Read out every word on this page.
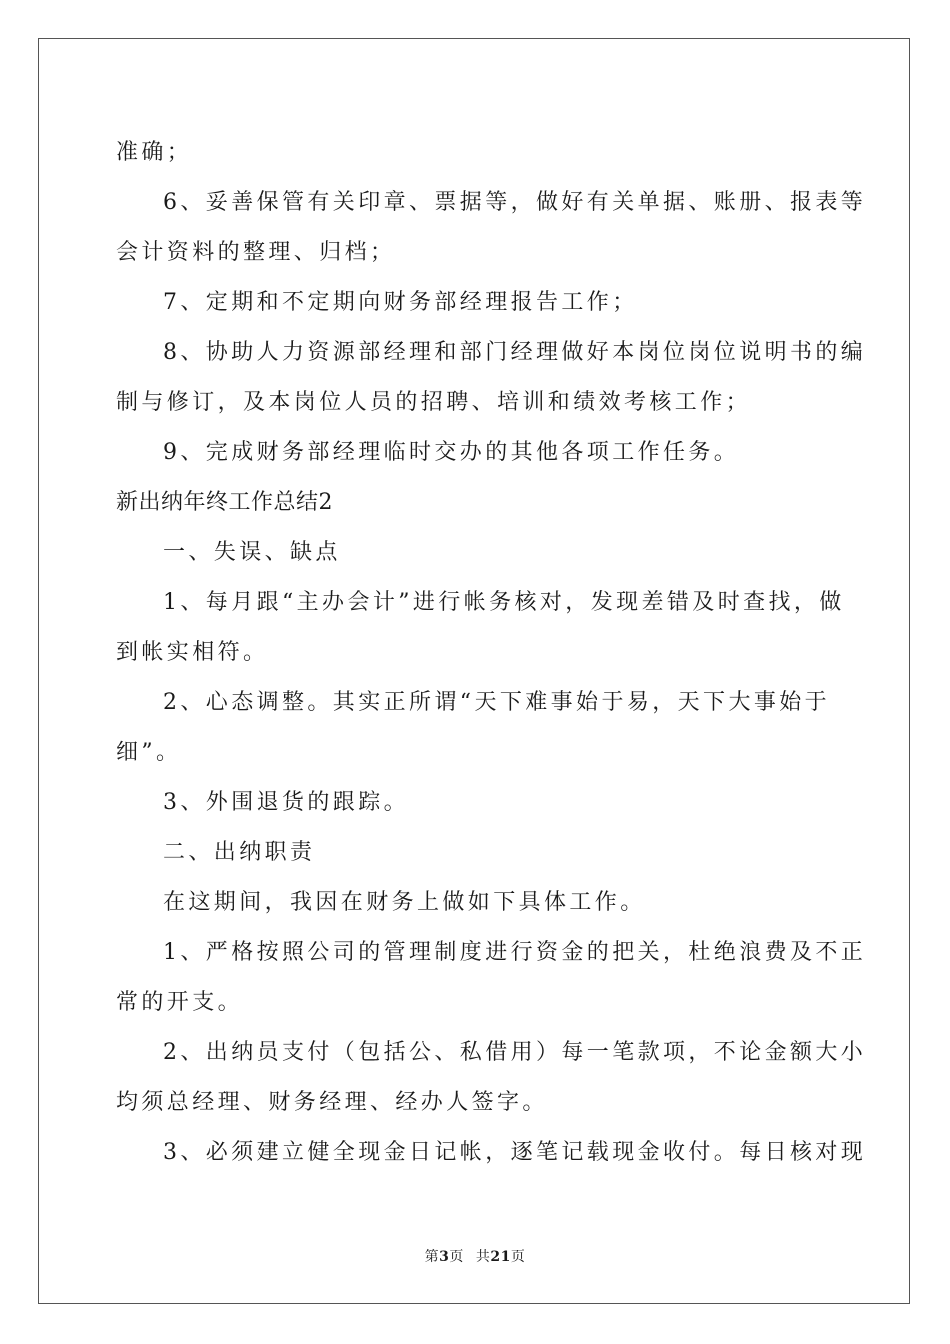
准确；
6、妥善保管有关印章、票据等，做好有关单据、账册、报表等
会计资料的整理、归档；
7、定期和不定期向财务部经理报告工作；
8、协助人力资源部经理和部门经理做好本岗位岗位说明书的编
制与修订，及本岗位人员的招聘、培训和绩效考核工作；
9、完成财务部经理临时交办的其他各项工作任务。
新出纳年终工作总结2
一、失误、缺点
1、每月跟“主办会计”进行帐务核对，发现差错及时查找，做
到帐实相符。
2、心态调整。其实正所谓“天下难事始于易，天下大事始于
细”。
3、外围退货的跟踪。
二、出纳职责
在这期间，我因在财务上做如下具体工作。
1、严格按照公司的管理制度进行资金的把关，杜绝浪费及不正
常的开支。
2、出纳员支付（包括公、私借用）每一笔款项，不论金额大小
均须总经理、财务经理、经办人签字。
3、必须建立健全现金日记帐，逐笔记载现金收付。每日核对现
第3页 共21页
